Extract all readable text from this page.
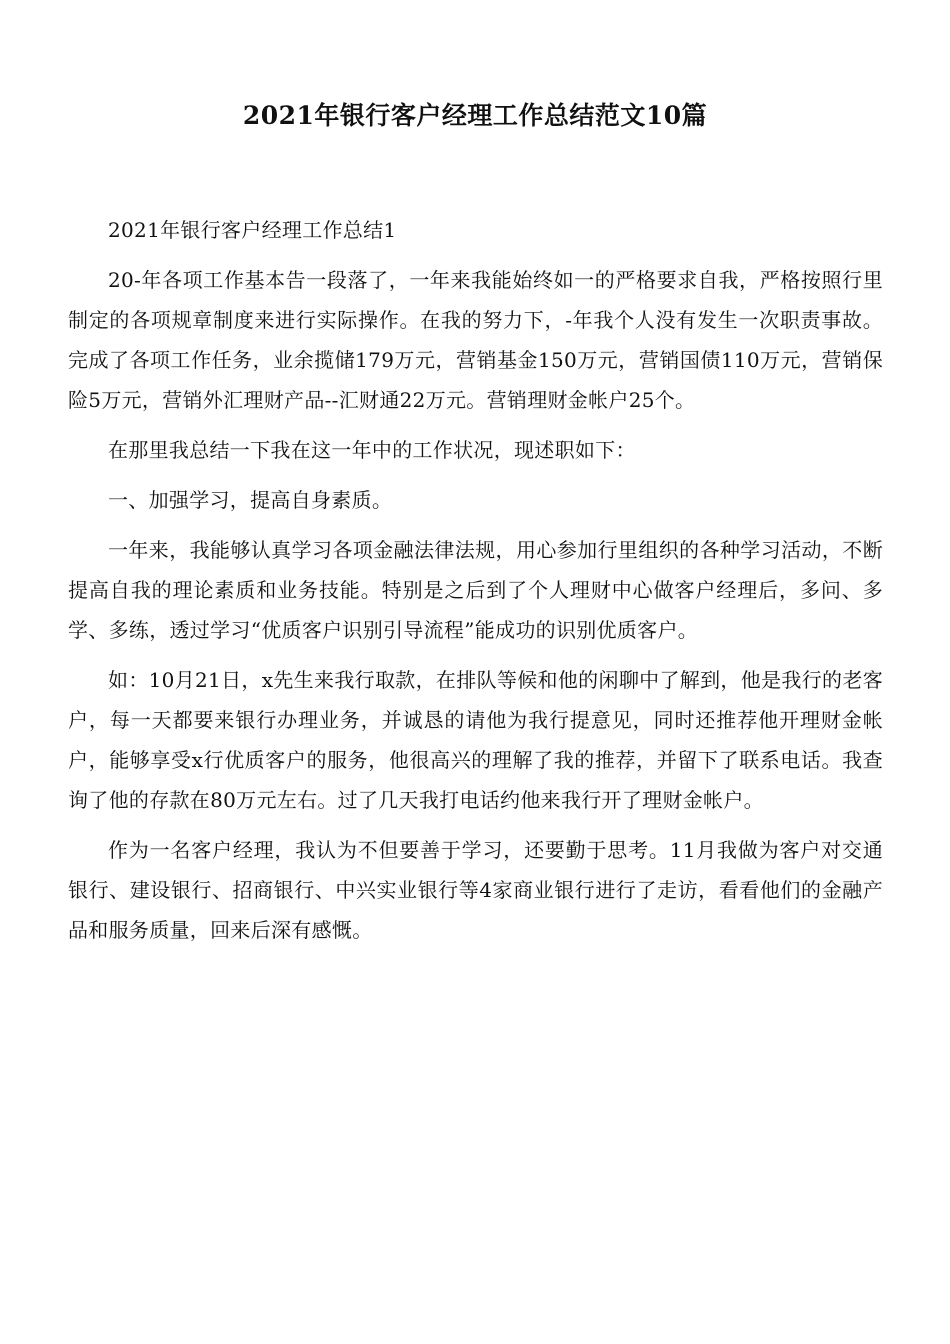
2021年银行客户经理工作总结范文10篇

2021年银行客户经理工作总结1

20-年各项工作基本告一段落了，一年来我能始终如一的严格要求自我，严格按照行里制定的各项规章制度来进行实际操作。在我的努力下，-年我个人没有发生一次职责事故。完成了各项工作任务，业余揽储179万元，营销基金150万元，营销国债110万元，营销保险5万元，营销外汇理财产品--汇财通22万元。营销理财金帐户25个。

在那里我总结一下我在这一年中的工作状况，现述职如下：

一、加强学习，提高自身素质。

一年来，我能够认真学习各项金融法律法规，用心参加行里组织的各种学习活动，不断提高自我的理论素质和业务技能。特别是之后到了个人理财中心做客户经理后，多问、多学、多练，透过学习“优质客户识别引导流程”能成功的识别优质客户。

如：10月21日，x先生来我行取款，在排队等候和他的闲聊中了解到，他是我行的老客户，每一天都要来银行办理业务，并诚恳的请他为我行提意见，同时还推荐他开理财金帐户，能够享受x行优质客户的服务，他很高兴的理解了我的推荐，并留下了联系电话。我查询了他的存款在80万元左右。过了几天我打电话约他来我行开了理财金帐户。

作为一名客户经理，我认为不但要善于学习，还要勤于思考。11月我做为客户对交通银行、建设银行、招商银行、中兴实业银行等4家商业银行进行了走访，看看他们的金融产品和服务质量，回来后深有感慨。
